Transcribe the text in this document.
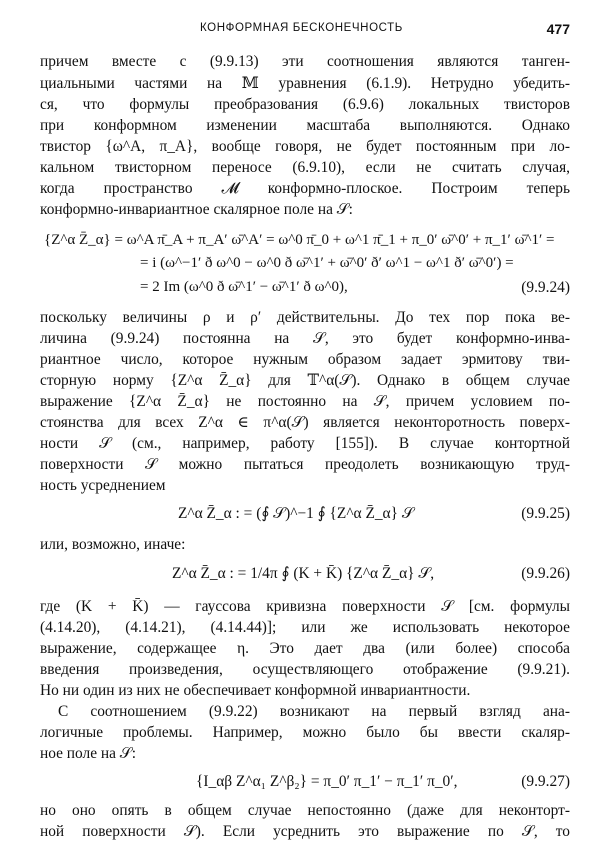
КОНФОРМНАЯ БЕСКОНЕЧНОСТЬ	477
причем вместе с (9.9.13) эти соотношения являются танген-
циальными частями на 𝕄 уравнения (6.1.9). Нетрудно убедить-
ся, что формулы преобразования (6.9.6) локальных твисторов
при конформном изменении масштаба выполняются. Однако
твистор {ω^A, π_A}, вообще говоря, не будет постоянным при ло-
кальном твисторном переносе (6.9.10), если не считать случая,
когда пространство 𝓜 конформно-плоское. Построим теперь
конформно-инвариантное скалярное поле на 𝒮:
{Z^α Z̄_α} = ω^A π̄_A + π_A′ ω̄^A′ = ω^0 π̄_0 + ω^1 π̄_1 + π_0′ ω̄^0′ + π_1′ ω̄^1′ =
= i (ω^−1′ ð ω^0 − ω^0 ð ω̄^1′ + ω̄^0′ ð′ ω^1 − ω^1 ð′ ω̄^0′) =
= 2 Im (ω^0 ð ω̄^1′ − ω̄^1′ ð ω^0),	(9.9.24)
поскольку величины ρ и ρ′ действительны. До тех пор пока ве-
личина (9.9.24) постоянна на 𝒮, это будет конформно-инва-
риантное число, которое нужным образом задает эрмитову тви-
сторную норму {Z^α Z̄_α} для 𝕋^α(𝒮). Однако в общем случае
выражение {Z^α Z̄_α} не постоянно на 𝒮, причем условием по-
стоянства для всех Z^α ∈ π^α(𝒮) является неконторотность поверх-
ности 𝒮 (см., например, работу [155]). В случае контортной
поверхности 𝒮 можно пытаться преодолеть возникающую труд-
ность усреднением
Z^α Z̄_α : = (∮ 𝒮)^−1 ∮ {Z^α Z̄_α} 𝒮	(9.9.25)
или, возможно, иначе:
Z^α Z̄_α : = 1/4π ∮ (K + K̄) {Z^α Z̄_α} 𝒮,	(9.9.26)
где (K + K̄) — гауссова кривизна поверхности 𝒮 [см. формулы
(4.14.20), (4.14.21), (4.14.44)]; или же использовать некоторое
выражение, содержащее η. Это дает два (или более) способа
введения произведения, осуществляющего отображение (9.9.21).
Но ни один из них не обеспечивает конформной инвариантности.
С соотношением (9.9.22) возникают на первый взгляд ана-
логичные проблемы. Например, можно было бы ввести скаляр-
ное поле на 𝒮:
{I_αβ Z^α₁ Z^β₂} = π_0′ π_1′ − π_1′ π_0′,	(9.9.27)
но оно опять в общем случае непостоянно (даже для неконторт-
ной поверхности 𝒮). Если усреднить это выражение по 𝒮, то
